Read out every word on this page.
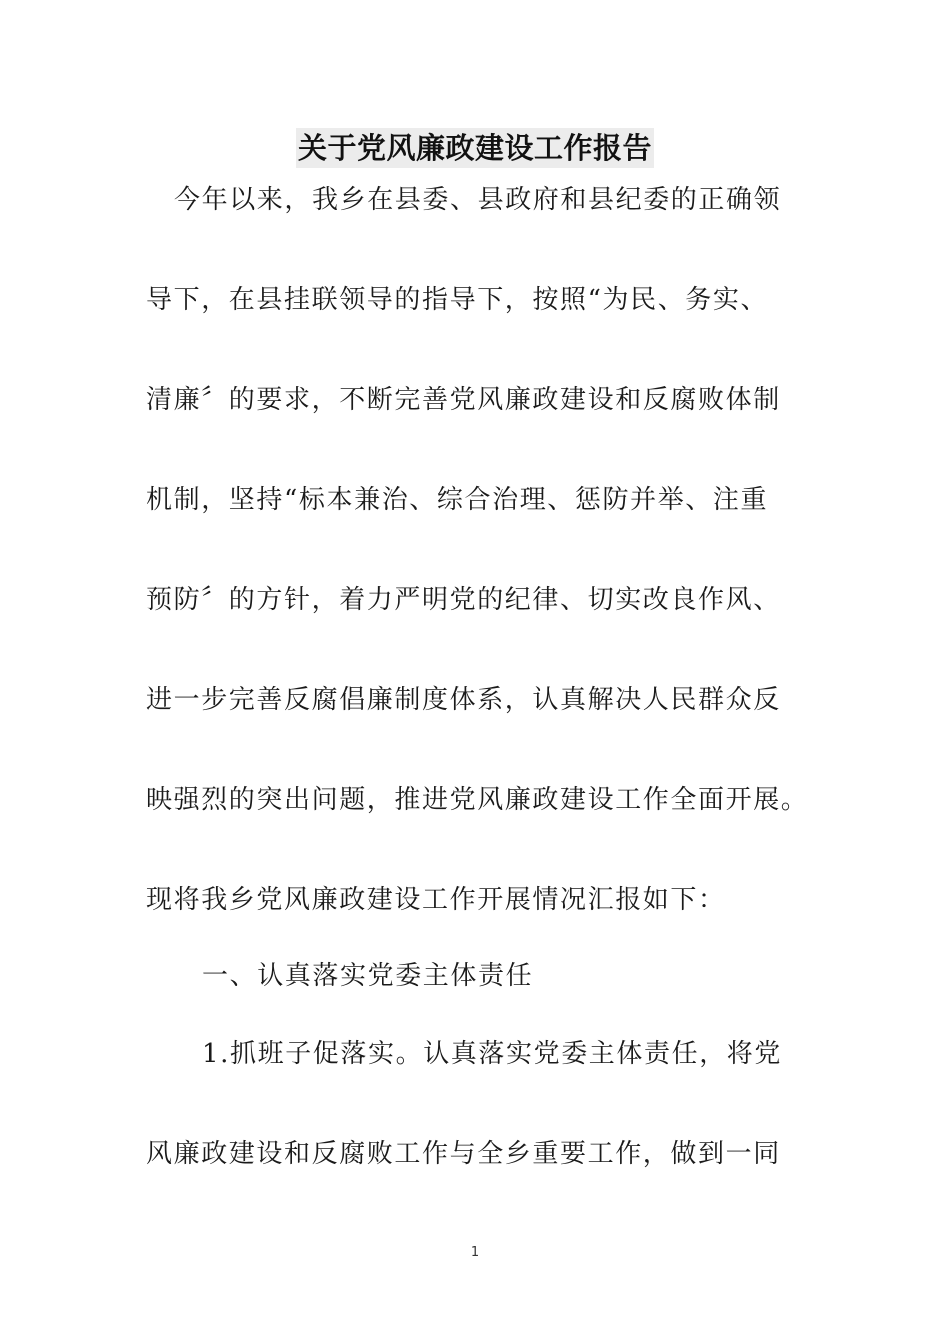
关于党风廉政建设工作报告
今年以来，我乡在县委、县政府和县纪委的正确领
导下，在县挂联领导的指导下，按照“为民、务实、
清廉〞的要求，不断完善党风廉政建设和反腐败体制
机制，坚持“标本兼治、综合治理、惩防并举、注重
预防〞的方针，着力严明党的纪律、切实改良作风、
进一步完善反腐倡廉制度体系，认真解决人民群众反
映强烈的突出问题，推进党风廉政建设工作全面开展。
现将我乡党风廉政建设工作开展情况汇报如下：
一、认真落实党委主体责任
1.抓班子促落实。认真落实党委主体责任，将党
风廉政建设和反腐败工作与全乡重要工作，做到一同
1
